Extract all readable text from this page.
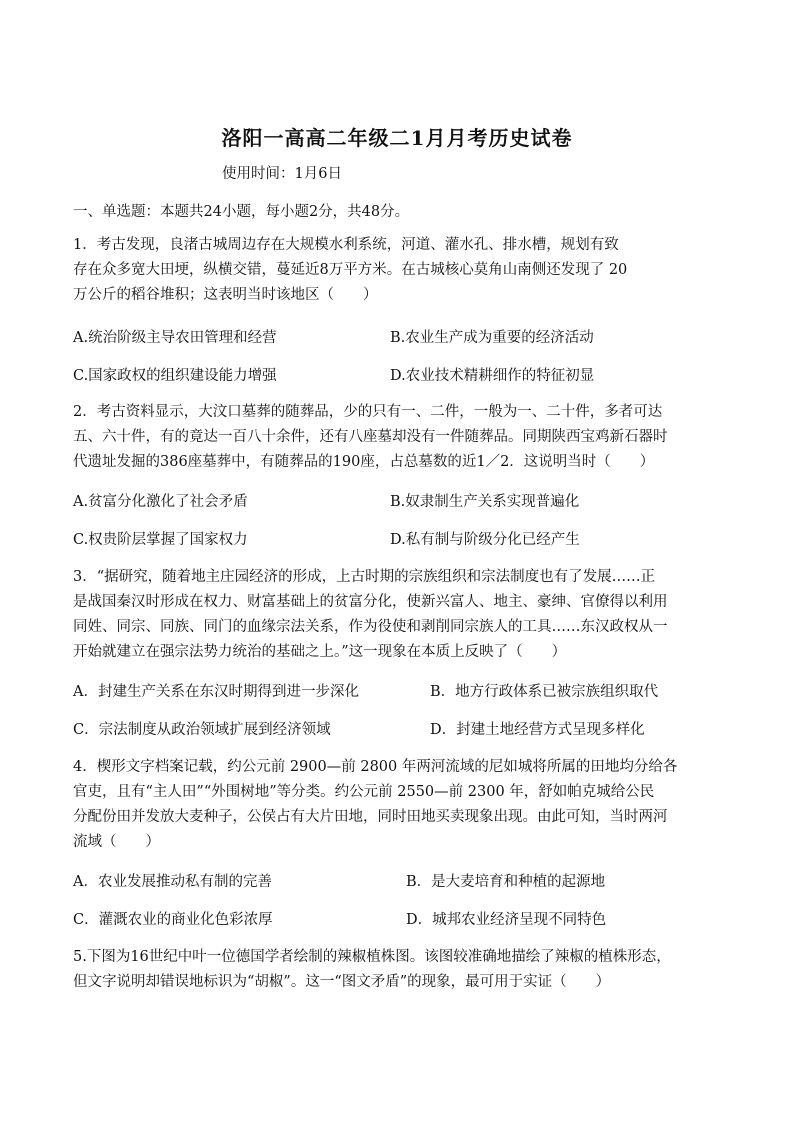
洛阳一高高二年级二1月月考历史试卷
使用时间：1月6日
一、单选题：本题共24小题，每小题2分，共48分。
1．考古发现，良渚古城周边存在大规模水利系统，河道、灌水孔、排水槽，规划有致
存在众多宽大田埂，纵横交错，蔓延近8万平方米。在古城核心莫角山南侧还发现了 20
万公斤的稻谷堆积；这表明当时该地区（　　）
A.统治阶级主导农田管理和经营	B.农业生产成为重要的经济活动
C.国家政权的组织建设能力增强	D.农业技术精耕细作的特征初显
2．考古资料显示，大汶口墓葬的随葬品，少的只有一、二件，一般为一、二十件，多者可达
五、六十件，有的竟达一百八十余件，还有八座墓却没有一件随葬品。同期陕西宝鸡新石器时
代遗址发掘的386座墓葬中，有随葬品的190座，占总墓数的近1／2．这说明当时（　　）
A.贫富分化激化了社会矛盾	B.奴隶制生产关系实现普遍化
C.权贵阶层掌握了国家权力	D.私有制与阶级分化已经产生
3．“据研究，随着地主庄园经济的形成，上古时期的宗族组织和宗法制度也有了发展……正
是战国秦汉时形成在权力、财富基础上的贫富分化，使新兴富人、地主、豪绅、官僚得以利用
同姓、同宗、同族、同门的血缘宗法关系，作为役使和剥削同宗族人的工具……东汉政权从一
开始就建立在强宗法势力统治的基础之上。”这一现象在本质上反映了（　　）
A．封建生产关系在东汉时期得到进一步深化	B．地方行政体系已被宗族组织取代
C．宗法制度从政治领域扩展到经济领域	D．封建土地经营方式呈现多样化
4．楔形文字档案记载，约公元前 2900—前 2800 年两河流域的尼如城将所属的田地均分给各
官吏，且有“主人田”“外围树地”等分类。约公元前 2550—前 2300 年，舒如帕克城给公民
分配份田并发放大麦种子，公侯占有大片田地，同时田地买卖现象出现。由此可知，当时两河
流域（　　）
A．农业发展推动私有制的完善	B．是大麦培育和种植的起源地
C．灌溉农业的商业化色彩浓厚	D．城邦农业经济呈现不同特色
5.下图为16世纪中叶一位德国学者绘制的辣椒植株图。该图较准确地描绘了辣椒的植株形态，
但文字说明却错误地标识为“胡椒”。这一“图文矛盾”的现象，最可用于实证（　　）
